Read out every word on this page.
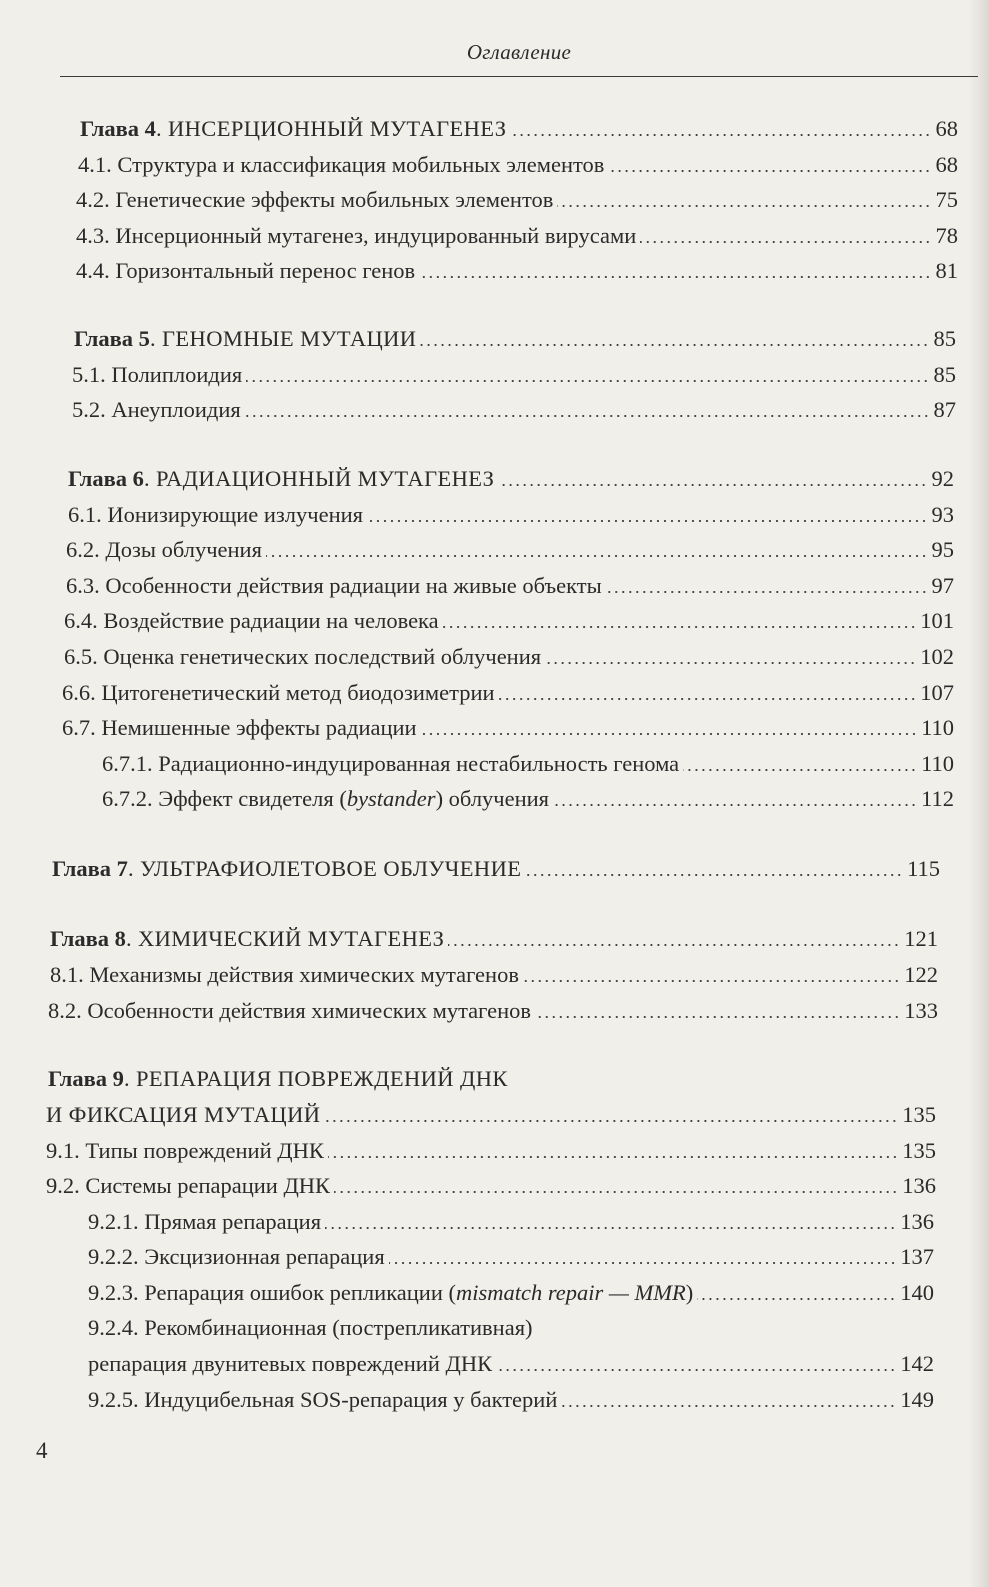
Оглавление
Глава 4. ИНСЕРЦИОННЫЙ МУТАГЕНЕЗ	68
4.1. Структура и классификация мобильных элементов	68
4.2. Генетические эффекты мобильных элементов	75
4.3. Инсерционный мутагенез, индуцированный вирусами	78
4.4. Горизонтальный перенос генов	81
Глава 5. ГЕНОМНЫЕ МУТАЦИИ	85
5.1. Полиплоидия	85
5.2. Анеуплоидия	87
Глава 6. РАДИАЦИОННЫЙ МУТАГЕНЕЗ	92
6.1. Ионизирующие излучения	93
6.2. Дозы облучения	95
6.3. Особенности действия радиации на живые объекты	97
6.4. Воздействие радиации на человека	101
6.5. Оценка генетических последствий облучения	102
6.6. Цитогенетический метод биодозиметрии	107
6.7. Немишенные эффекты радиации	110
6.7.1. Радиационно-индуцированная нестабильность генома	110
6.7.2. Эффект свидетеля (bystander) облучения	112
Глава 7. УЛЬТРАФИОЛЕТОВОЕ ОБЛУЧЕНИЕ	115
Глава 8. ХИМИЧЕСКИЙ МУТАГЕНЕЗ	121
8.1. Механизмы действия химических мутагенов	122
8.2. Особенности действия химических мутагенов	133
Глава 9 . РЕПАРАЦИЯ ПОВРЕЖДЕНИЙ ДНК
И ФИКСАЦИЯ МУТАЦИЙ	135
9.1. Типы повреждений ДНК	135
9.2. Системы репарации ДНК	136
9.2.1. Прямая репарация	136
9.2.2. Эксцизионная репарация	137
9.2.3. Репарация ошибок репликации (mismatch repair — MMR)	140
9.2.4. Рекомбинационная (пострепликативная)
репарация двунитевых повреждений ДНК	142
9.2.5. Индуцибельная SOS-репарация у бактерий	149
4
